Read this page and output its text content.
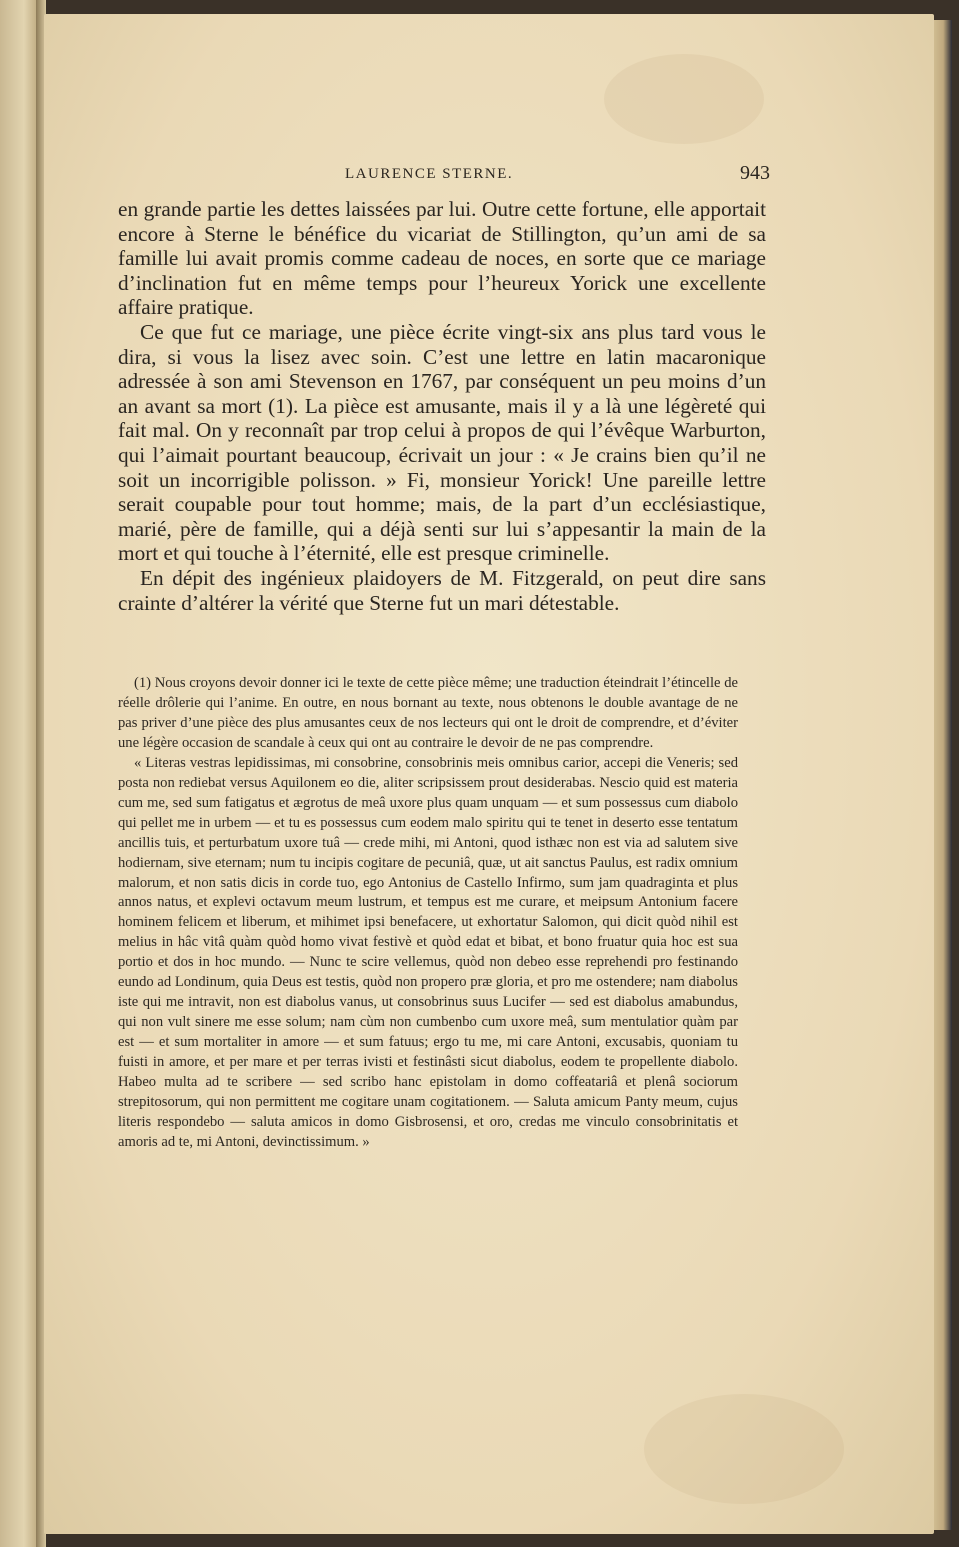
LAURENCE STERNE.	943

en grande partie les dettes laissées par lui. Outre cette fortune, elle apportait encore à Sterne le bénéfice du vicariat de Stillington, qu’un ami de sa famille lui avait promis comme cadeau de noces, en sorte que ce mariage d’inclination fut en même temps pour l’heureux Yorick une excellente affaire pratique.

Ce que fut ce mariage, une pièce écrite vingt-six ans plus tard vous le dira, si vous la lisez avec soin. C’est une lettre en latin macaronique adressée à son ami Stevenson en 1767, par conséquent un peu moins d’un an avant sa mort (1). La pièce est amusante, mais il y a là une légèreté qui fait mal. On y reconnaît par trop celui à propos de qui l’évêque Warburton, qui l’aimait pourtant beaucoup, écrivait un jour : « Je crains bien qu’il ne soit un incorrigible polisson. » Fi, monsieur Yorick! Une pareille lettre serait coupable pour tout homme; mais, de la part d’un ecclésiastique, marié, père de famille, qui a déjà senti sur lui s’appesantir la main de la mort et qui touche à l’éternité, elle est presque criminelle.

En dépit des ingénieux plaidoyers de M. Fitzgerald, on peut dire sans crainte d’altérer la vérité que Sterne fut un mari détestable.

(1) Nous croyons devoir donner ici le texte de cette pièce même; une traduction éteindrait l’étincelle de réelle drôlerie qui l’anime. En outre, en nous bornant au texte, nous obtenons le double avantage de ne pas priver d’une pièce des plus amusantes ceux de nos lecteurs qui ont le droit de comprendre, et d’éviter une légère occasion de scandale à ceux qui ont au contraire le devoir de ne pas comprendre.

« Literas vestras lepidissimas, mi consobrine, consobrinis meis omnibus carior, accepi die Veneris; sed posta non rediebat versus Aquilonem eo die, aliter scripsissem prout desiderabas. Nescio quid est materia cum me, sed sum fatigatus et ægrotus de meâ uxore plus quam unquam — et sum possessus cum diabolo qui pellet me in urbem — et tu es possessus cum eodem malo spiritu qui te tenet in deserto esse tentatum ancillis tuis, et perturbatum uxore tuâ — crede mihi, mi Antoni, quod isthæc non est via ad salutem sive hodiernam, sive eternam; num tu incipis cogitare de pecuniâ, quæ, ut ait sanctus Paulus, est radix omnium malorum, et non satis dicis in corde tuo, ego Antonius de Castello Infirmo, sum jam quadraginta et plus annos natus, et explevi octavum meum lustrum, et tempus est me curare, et meipsum Antonium facere hominem felicem et liberum, et mihimet ipsi benefacere, ut exhortatur Salomon, qui dicit quòd nihil est melius in hâc vitâ quàm quòd homo vivat festivè et quòd edat et bibat, et bono fruatur quia hoc est sua portio et dos in hoc mundo. — Nunc te scire vellemus, quòd non debeo esse reprehendi pro festinando eundo ad Londinum, quia Deus est testis, quòd non propero præ gloria, et pro me ostendere; nam diabolus iste qui me intravit, non est diabolus vanus, ut consobrinus suus Lucifer — sed est diabolus amabundus, qui non vult sinere me esse solum; nam cùm non cumbenbo cum uxore meâ, sum mentulatior quàm par est — et sum mortaliter in amore — et sum fatuus; ergo tu me, mi care Antoni, excusabis, quoniam tu fuisti in amore, et per mare et per terras ivisti et festinâsti sicut diabolus, eodem te propellente diabolo. Habeo multa ad te scribere — sed scribo hanc epistolam in domo coffeatariâ et plenâ sociorum strepitosorum, qui non permittent me cogitare unam cogitationem. — Saluta amicum Panty meum, cujus literis respondebo — saluta amicos in domo Gisbrosensi, et oro, credas me vinculo consobrinitatis et amoris ad te, mi Antoni, devinctissimum. »
